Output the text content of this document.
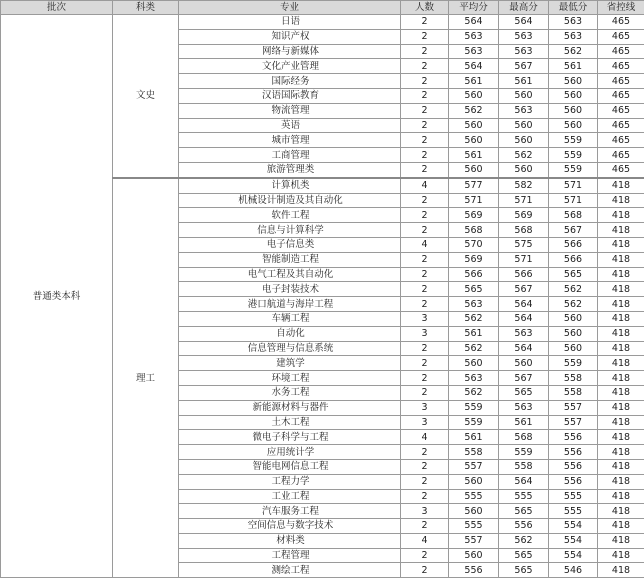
批次	科类	专业	人数	平均分	最高分	最低分	省控线
普通类本科	文史	日语	2	564	564	563	465
		知识产权	2	563	563	563	465
		网络与新媒体	2	563	563	562	465
		文化产业管理	2	564	567	561	465
		国际经务	2	561	561	560	465
		汉语国际教育	2	560	560	560	465
		物流管理	2	562	563	560	465
		英语	2	560	560	560	465
		城市管理	2	560	560	559	465
		工商管理	2	561	562	559	465
		旅游管理类	2	560	560	559	465
	理工	计算机类	4	577	582	571	418
		机械设计制造及其自动化	2	571	571	571	418
		软件工程	2	569	569	568	418
		信息与计算科学	2	568	568	567	418
		电子信息类	4	570	575	566	418
		智能制造工程	2	569	571	566	418
		电气工程及其自动化	2	566	566	565	418
		电子封装技术	2	565	567	562	418
		港口航道与海岸工程	2	563	564	562	418
		车辆工程	3	562	564	560	418
		自动化	3	561	563	560	418
		信息管理与信息系统	2	562	564	560	418
		建筑学	2	560	560	559	418
		环境工程	2	563	567	558	418
		水务工程	2	562	565	558	418
		新能源材料与器件	3	559	563	557	418
		土木工程	3	559	561	557	418
		微电子科学与工程	4	561	568	556	418
		应用统计学	2	558	559	556	418
		智能电网信息工程	2	557	558	556	418
		工程力学	2	560	564	556	418
		工业工程	2	555	555	555	418
		汽车服务工程	3	560	565	555	418
		空间信息与数字技术	2	555	556	554	418
		材料类	4	557	562	554	418
		工程管理	2	560	565	554	418
		测绘工程	2	556	565	546	418
